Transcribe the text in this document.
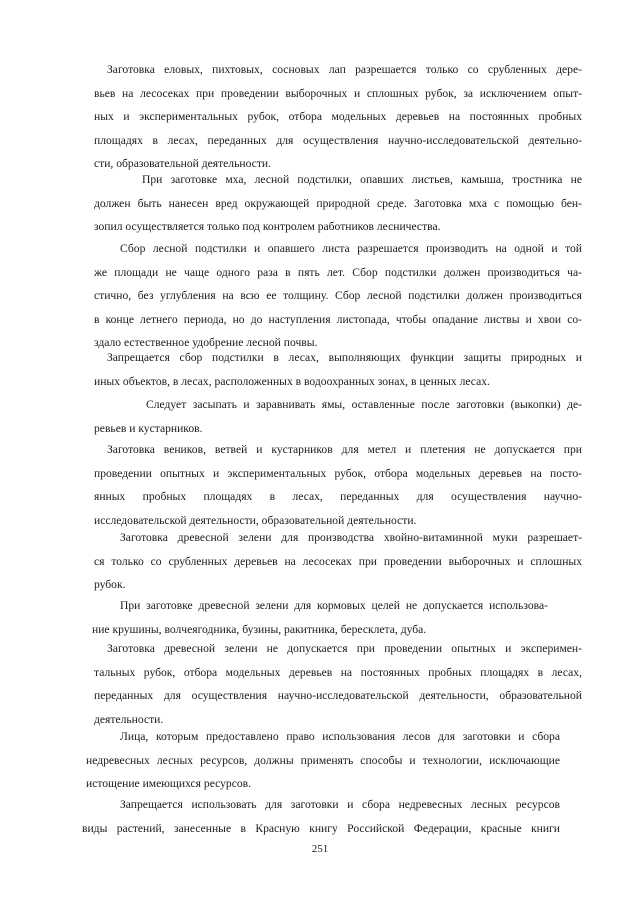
Заготовка еловых, пихтовых, сосновых лап разрешается только со срубленных дере-
вьев на лесосеках при проведении выборочных и сплошных рубок, за исключением опыт-
ных и экспериментальных рубок, отбора модельных деревьев на постоянных пробных
площадях в лесах, переданных для осуществления научно-исследовательской деятельно-
сти, образовательной деятельности.
При заготовке мха, лесной подстилки, опавших листьев, камыша, тростника не
должен быть нанесен вред окружающей природной среде. Заготовка мха с помощью бен-
зопил осуществляется только под контролем работников лесничества.
Сбор лесной подстилки и опавшего листа разрешается производить на одной и той
же площади не чаще одного раза в пять лет. Сбор подстилки должен производиться ча-
стично, без углубления на всю ее толщину. Сбор лесной подстилки должен производиться
в конце летнего периода, но до наступления листопада, чтобы опадание листвы и хвои со-
здало естественное удобрение лесной почвы.
Запрещается сбор подстилки в лесах, выполняющих функции защиты природных и
иных объектов, в лесах, расположенных в водоохранных зонах, в ценных лесах.
Следует засыпать и заравнивать ямы, оставленные после заготовки (выкопки) де-
ревьев и кустарников.
Заготовка веников, ветвей и кустарников для метел и плетения не допускается при
проведении опытных и экспериментальных рубок, отбора модельных деревьев на посто-
янных пробных площадях в лесах, переданных для осуществления научно-
исследовательской деятельности, образовательной деятельности.
Заготовка древесной зелени для производства хвойно-витаминной муки разрешает-
ся только со срубленных деревьев на лесосеках при проведении выборочных и сплошных
рубок.
При заготовке древесной зелени для кормовых целей не допускается использова-
ние крушины, волчеягодника, бузины, ракитника, бересклета, дуба.
Заготовка древесной зелени не допускается при проведении опытных и эксперимен-
тальных рубок, отбора модельных деревьев на постоянных пробных площадях в лесах,
переданных для осуществления научно-исследовательской деятельности, образовательной
деятельности.
Лица, которым предоставлено право использования лесов для заготовки и сбора
недревесных лесных ресурсов, должны применять способы и технологии, исключающие
истощение имеющихся ресурсов.
Запрещается использовать для заготовки и сбора недревесных лесных ресурсов
виды растений, занесенные в Красную книгу Российской Федерации, красные книги
251
